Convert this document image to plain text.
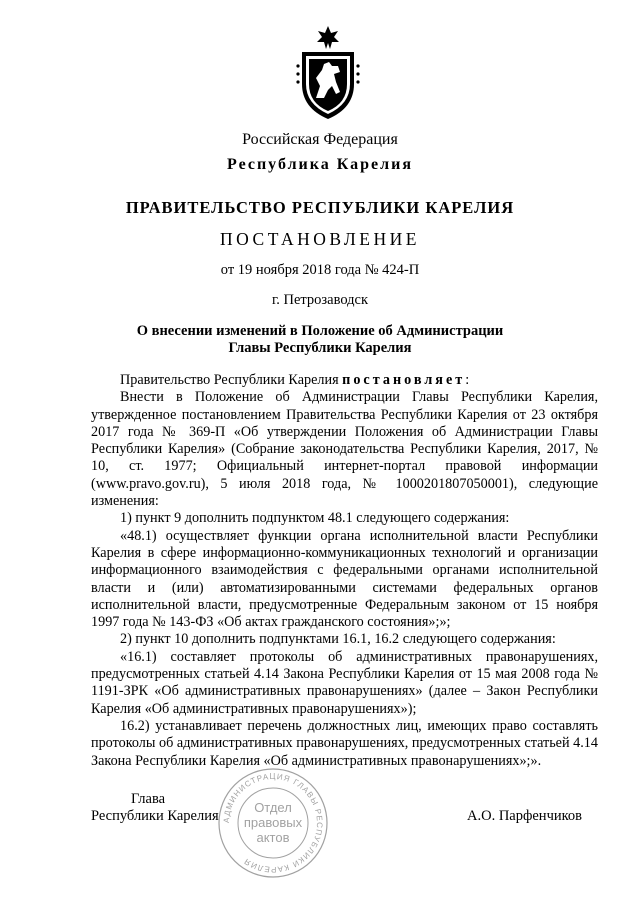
Российская Федерация
Республика Карелия
ПРАВИТЕЛЬСТВО РЕСПУБЛИКИ КАРЕЛИЯ
ПОСТАНОВЛЕНИЕ
от 19 ноября 2018 года № 424-П
г. Петрозаводск
О внесении изменений в Положение об Администрации
Главы Республики Карелия

Правительство Республики Карелия постановляет:

Внести в Положение об Администрации Главы Республики Карелия, утвержденное постановлением Правительства Республики Карелия от 23 октября 2017 года № 369-П «Об утверждении Положения об Администрации Главы Республики Карелия» (Собрание законодательства Республики Карелия, 2017, № 10, ст. 1977; Официальный интернет-портал правовой информации (www.pravo.gov.ru), 5 июля 2018 года, № 1000201807050001), следующие изменения:

1) пункт 9 дополнить подпунктом 48.1 следующего содержания:

«48.1) осуществляет функции органа исполнительной власти Республики Карелия в сфере информационно-коммуникационных технологий и организации информационного взаимодействия с федеральными органами исполнительной власти и (или) автоматизированными системами федеральных органов исполнительной власти, предусмотренные Федеральным законом от 15 ноября 1997 года № 143-ФЗ «Об актах гражданского состояния»;»;

2) пункт 10 дополнить подпунктами 16.1, 16.2 следующего содержания:

«16.1) составляет протоколы об административных правонарушениях, предусмотренных статьей 4.14 Закона Республики Карелия от 15 мая 2008 года № 1191-ЗРК «Об административных правонарушениях» (далее – Закон Республики Карелия «Об административных правонарушениях»);

16.2) устанавливает перечень должностных лиц, имеющих право составлять протоколы об административных правонарушениях, предусмотренных статьей 4.14 Закона Республики Карелия «Об административных правонарушениях»;».

Глава
Республики Карелия	А.О. Парфенчиков
АДМИНИСТРАЦИЯ ГЛАВЫ РЕСПУБЛИКИ КАРЕЛИЯ
Отдел
правовых
актов
